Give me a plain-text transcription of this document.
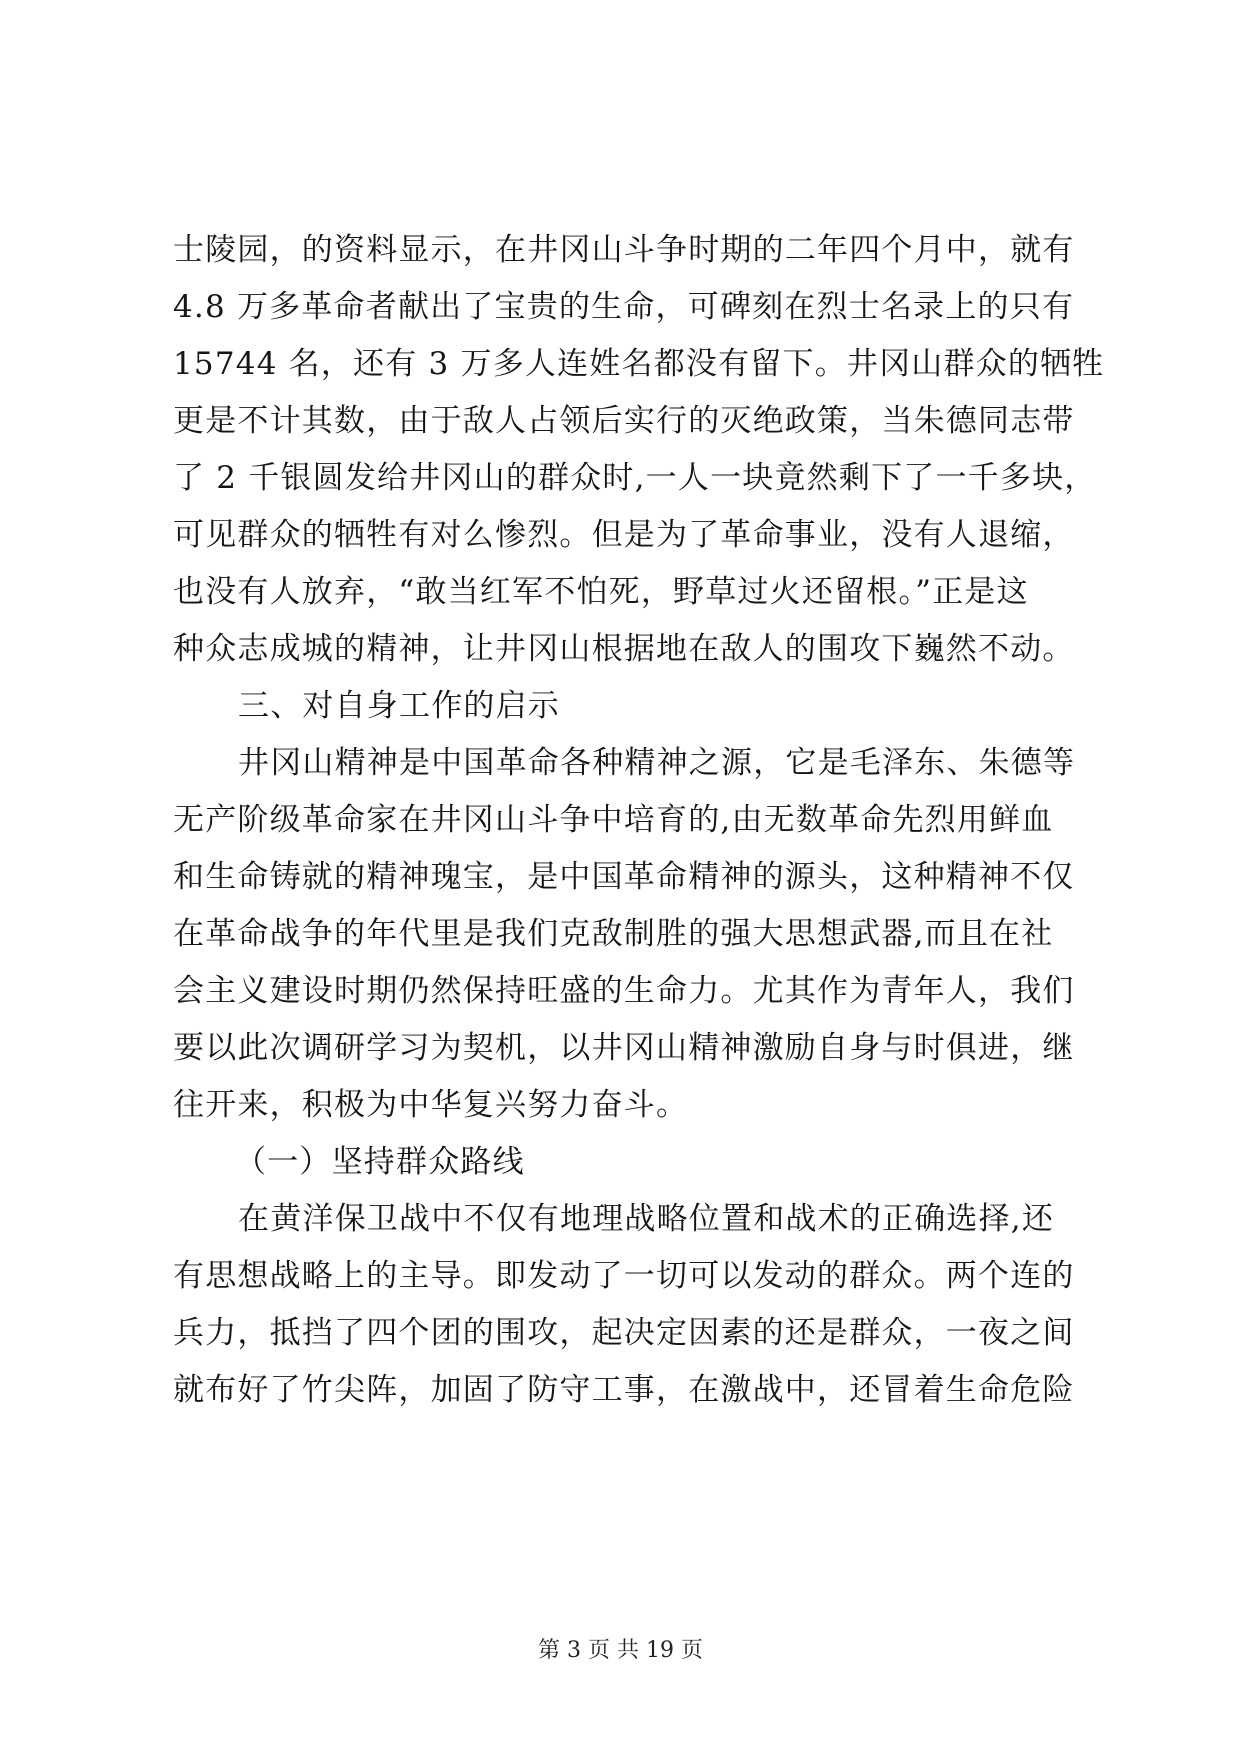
士陵园，的资料显示，在井冈山斗争时期的二年四个月中，就有
4.8 万多革命者献出了宝贵的生命，可碑刻在烈士名录上的只有
15744 名，还有 3 万多人连姓名都没有留下。井冈山群众的牺牲
更是不计其数，由于敌人占领后实行的灭绝政策，当朱德同志带
了 2 千银圆发给井冈山的群众时,一人一块竟然剩下了一千多块，
可见群众的牺牲有对么惨烈。但是为了革命事业，没有人退缩，
也没有人放弃，“敢当红军不怕死，野草过火还留根。”正是这
种众志成城的精神，让井冈山根据地在敌人的围攻下巍然不动。
三、对自身工作的启示
井冈山精神是中国革命各种精神之源，它是毛泽东、朱德等
无产阶级革命家在井冈山斗争中培育的,由无数革命先烈用鲜血
和生命铸就的精神瑰宝，是中国革命精神的源头，这种精神不仅
在革命战争的年代里是我们克敌制胜的强大思想武器,而且在社
会主义建设时期仍然保持旺盛的生命力。尤其作为青年人，我们
要以此次调研学习为契机，以井冈山精神激励自身与时俱进，继
往开来，积极为中华复兴努力奋斗。
（一）坚持群众路线
在黄洋保卫战中不仅有地理战略位置和战术的正确选择,还
有思想战略上的主导。即发动了一切可以发动的群众。两个连的
兵力，抵挡了四个团的围攻，起决定因素的还是群众，一夜之间
就布好了竹尖阵，加固了防守工事，在激战中，还冒着生命危险
第 3 页 共 19 页
